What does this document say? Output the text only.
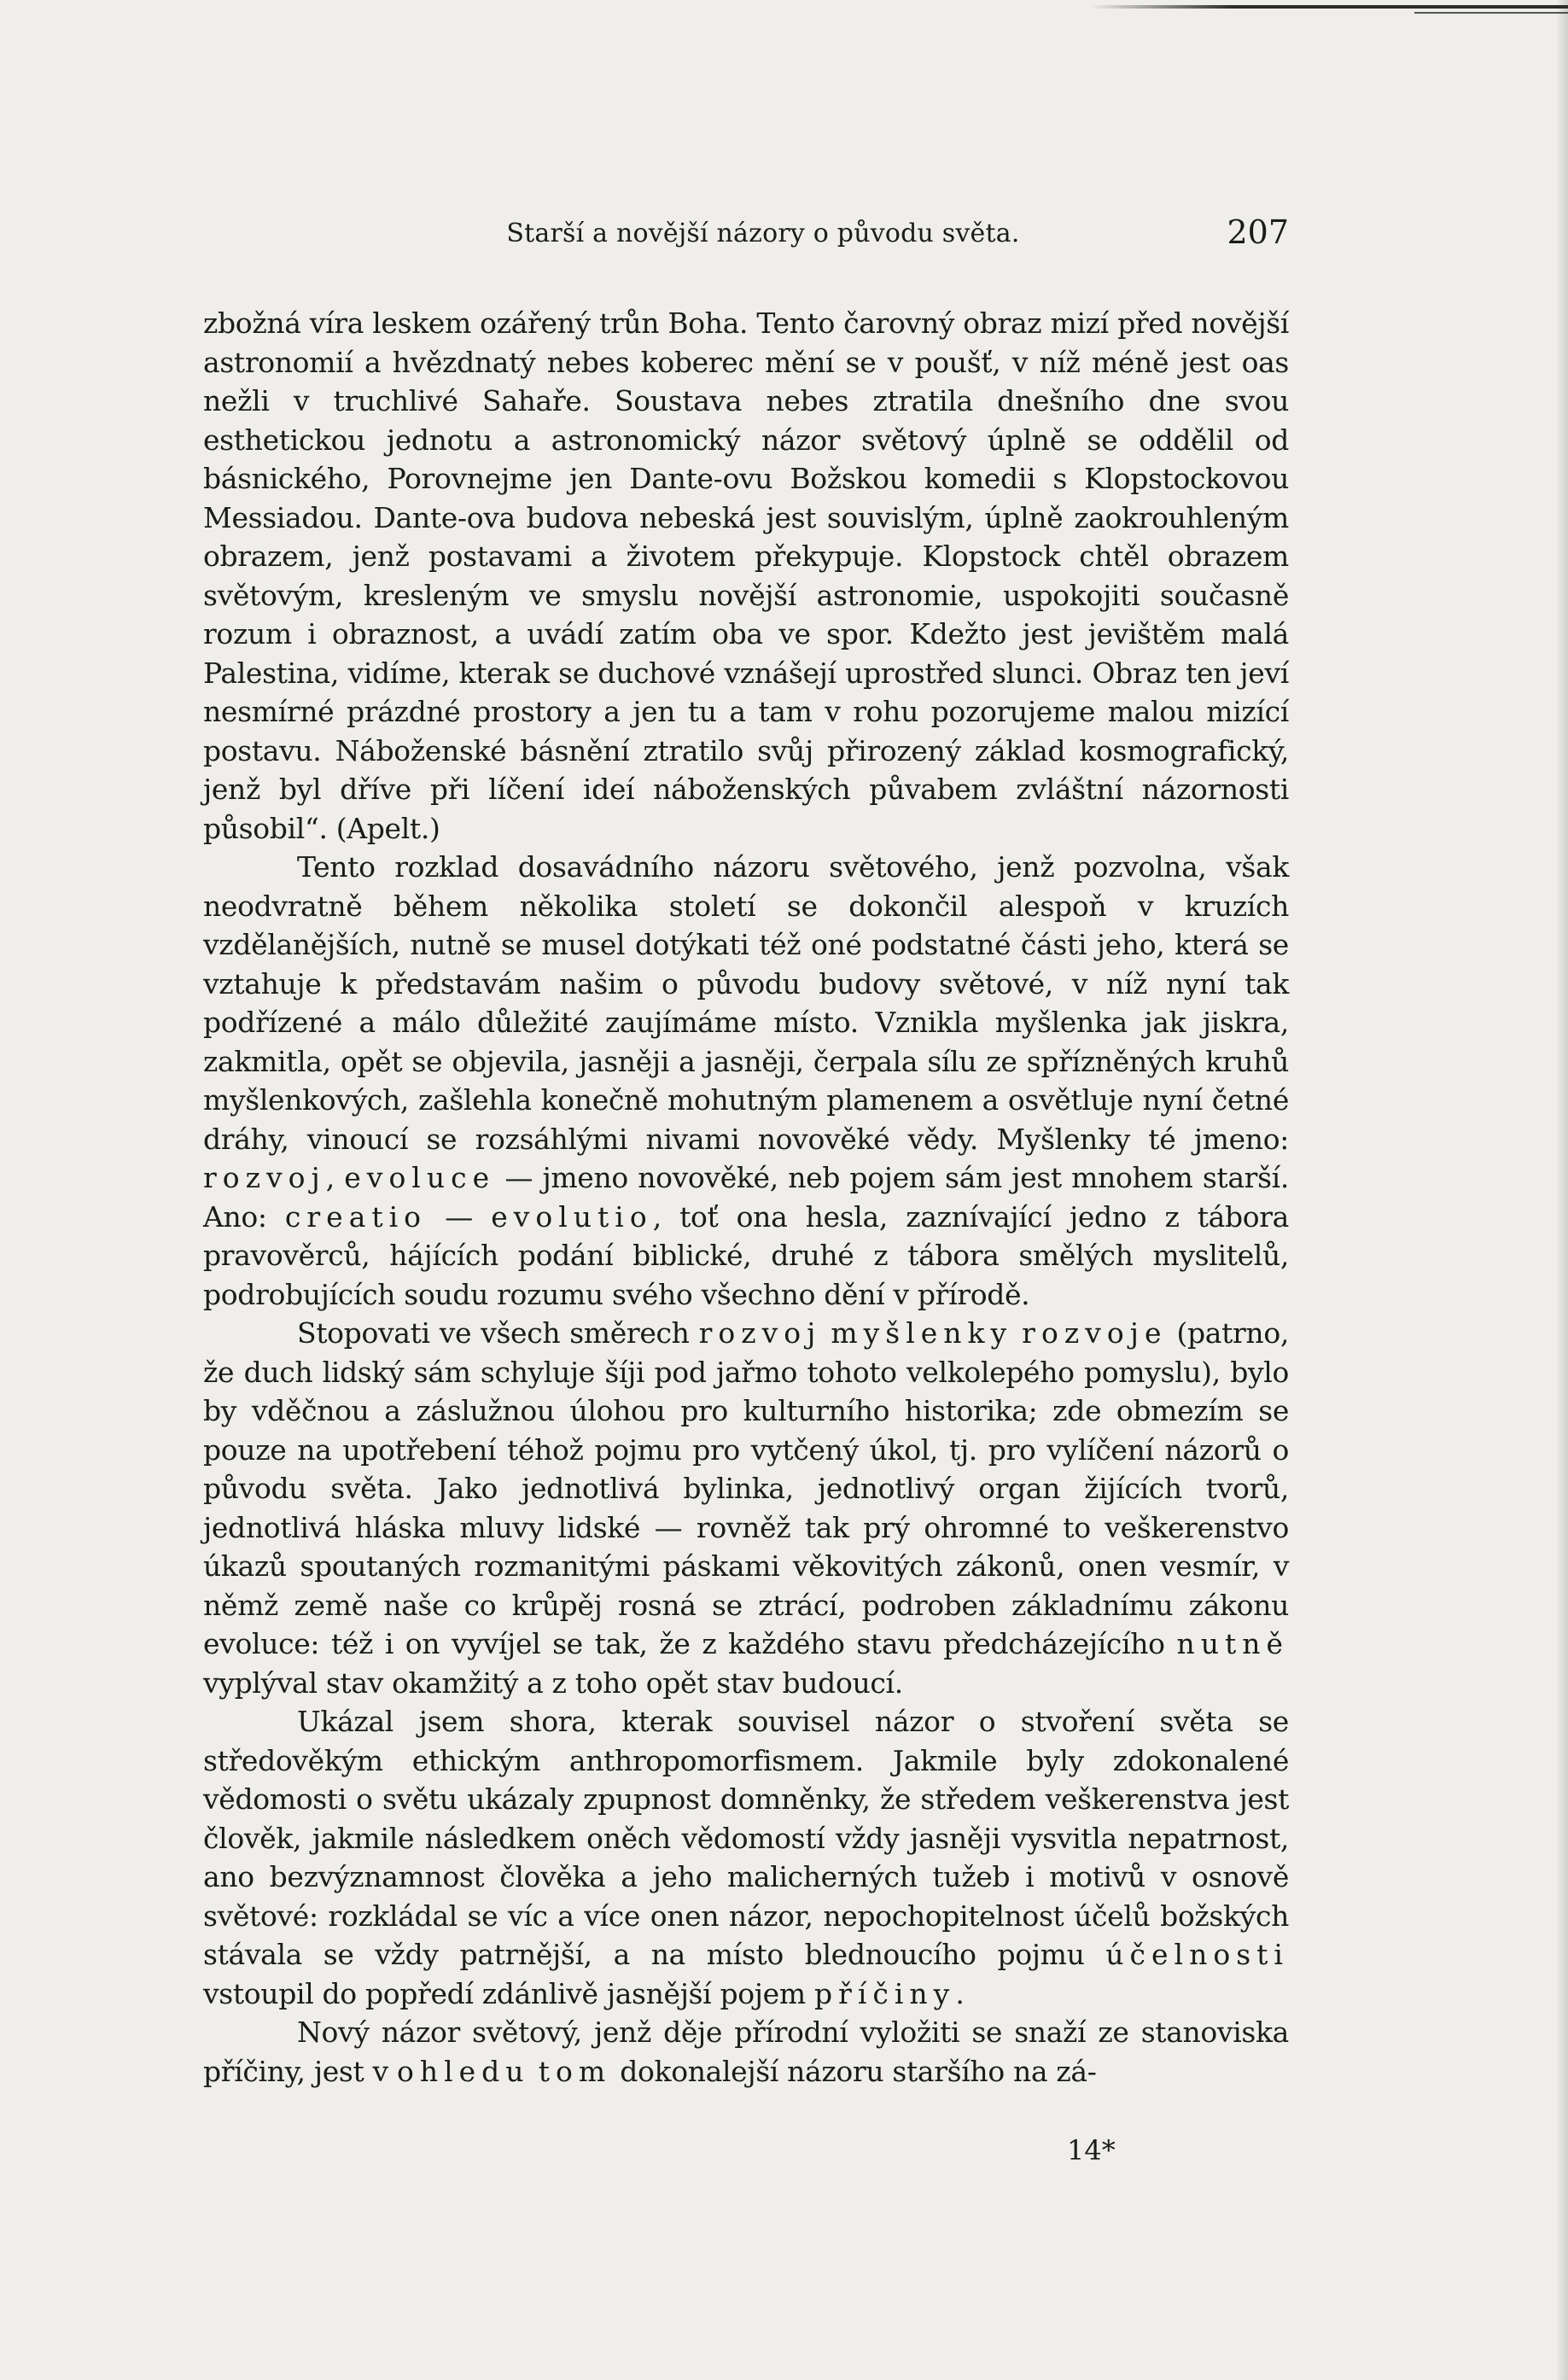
Starší a novější názory o původu světa.	207

zbožná víra leskem ozářený trůn Boha. Tento čarovný obraz mizí před novější astronomií a hvězdnatý nebes koberec mění se v poušť, v níž méně jest oas nežli v truchlivé Sahaře. Soustava nebes ztratila dnešního dne svou esthetickou jednotu a astronomický názor světový úplně se oddělil od básnického, Porovnejme jen Dante-ovu Božskou komedii s Klopstockovou Messiadou. Dante-ova budova nebeská jest souvislým, úplně zaokrouhleným obrazem, jenž postavami a životem překypuje. Klopstock chtěl obrazem světovým, kresleným ve smyslu novější astronomie, uspokojiti současně rozum i obraznost, a uvádí zatím oba ve spor. Kdežto jest jevištěm malá Palestina, vidíme, kterak se duchové vznášejí uprostřed slunci. Obraz ten jeví nesmírné prázdné prostory a jen tu a tam v rohu pozorujeme malou mizící postavu. Náboženské básnění ztratilo svůj přirozený základ kosmografický, jenž byl dříve při líčení ideí náboženských půvabem zvláštní názornosti působil“. (Apelt.)

Tento rozklad dosavádního názoru světového, jenž pozvolna, však neodvratně během několika století se dokončil alespoň v kruzích vzdělanějších, nutně se musel dotýkati též oné podstatné části jeho, která se vztahuje k představám našim o původu budovy světové, v níž nyní tak podřízené a málo důležité zaujímáme místo. Vznikla myšlenka jak jiskra, zakmitla, opět se objevila, jasněji a jasněji, čerpala sílu ze spřízněných kruhů myšlenkových, zašlehla konečně mohutným plamenem a osvětluje nyní četné dráhy, vinoucí se rozsáhlými nivami novověké vědy. Myšlenky té jmeno: rozvoj, evoluce — jmeno novověké, neb pojem sám jest mnohem starší. Ano: creatio — evolutio, toť ona hesla, zaznívající jedno z tábora pravověrců, hájících podání biblické, druhé z tábora smělých myslitelů, podrobujících soudu rozumu svého všechno dění v přírodě.

Stopovati ve všech směrech rozvoj myšlenky rozvoje (patrno, že duch lidský sám schyluje šíji pod jařmo tohoto velkolepého pomyslu), bylo by vděčnou a záslužnou úlohou pro kulturního historika; zde obmezím se pouze na upotřebení téhož pojmu pro vytčený úkol, tj. pro vylíčení názorů o původu světa. Jako jednotlivá bylinka, jednotlivý organ žijících tvorů, jednotlivá hláska mluvy lidské — rovněž tak prý ohromné to veškerenstvo úkazů spoutaných rozmanitými páskami věkovitých zákonů, onen vesmír, v němž země naše co krůpěj rosná se ztrácí, podroben základnímu zákonu evoluce: též i on vyvíjel se tak, že z každého stavu předcházejícího nutně vyplýval stav okamžitý a z toho opět stav budoucí.

Ukázal jsem shora, kterak souvisel názor o stvoření světa se středověkým ethickým anthropomorfismem. Jakmile byly zdokonalené vědomosti o světu ukázaly zpupnost domněnky, že středem veškerenstva jest člověk, jakmile následkem oněch vědomostí vždy jasněji vysvitla nepatrnost, ano bezvýznamnost člověka a jeho malicherných tužeb i motivů v osnově světové: rozkládal se víc a více onen názor, nepochopitelnost účelů božských stávala se vždy patrnější, a na místo blednoucího pojmu účelnosti vstoupil do popředí zdánlivě jasnější pojem příčiny.

Nový názor světový, jenž děje přírodní vyložiti se snaží ze stanoviska příčiny, jest v ohledu tom dokonalejší názoru staršího na zá-

14*
